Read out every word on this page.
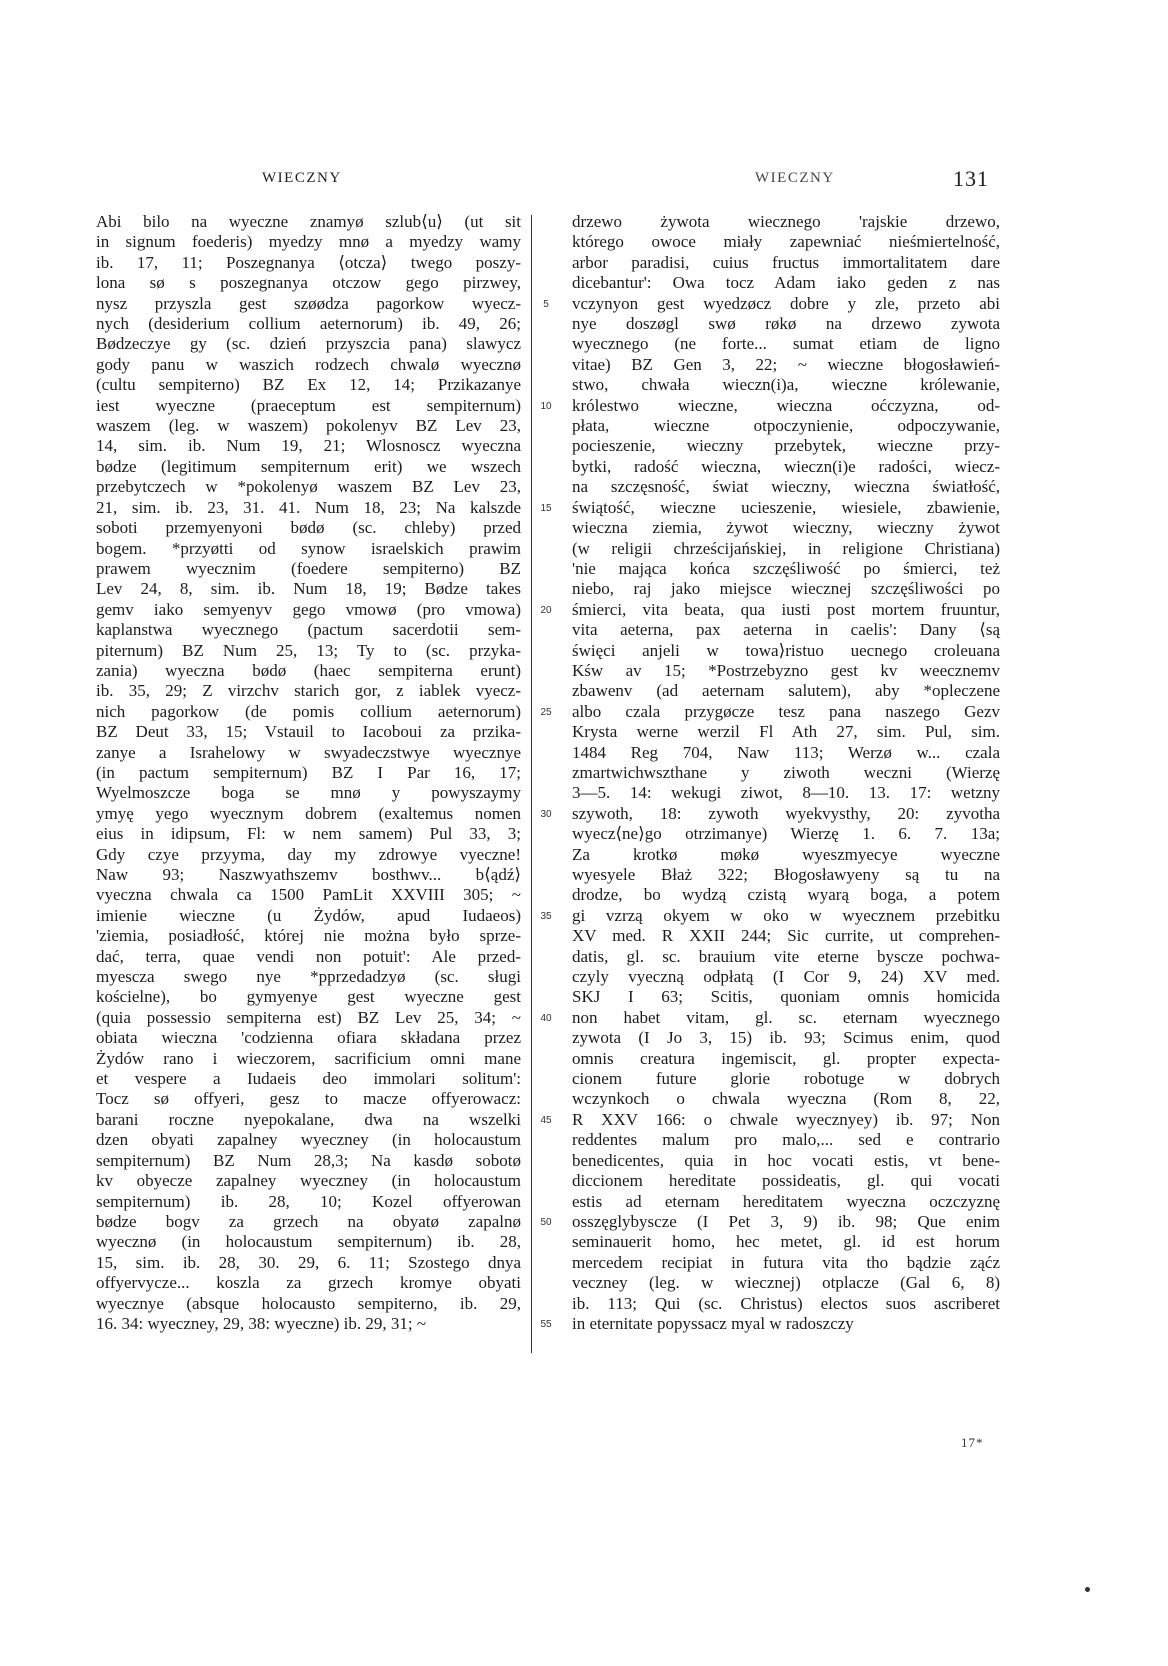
WIECZNY	WIECZNY	131
Abi bilo na wyeczne znamyø szlub⟨u⟩ (ut sit
in signum foederis) myedzy mnø a myedzy wamy
ib. 17, 11; Poszegnanya ⟨otcza⟩ twego poszy-
lona sø s poszegnanya otczow gego pirzwey,
nysz przyszla gest szøødza pagorkow wyecz-
nych (desiderium collium aeternorum) ib. 49, 26;
Bødzeczye gy (sc. dzień przyszcia pana) slawycz
gody panu w waszich rodzech chwalø wyecznø
(cultu sempiterno) BZ Ex 12, 14; Przikazanye
iest wyeczne (praeceptum est sempiternum)
waszem (leg. w waszem) pokolenyv BZ Lev 23,
14, sim. ib. Num 19, 21; Wlosnoscz wyeczna
bødze (legitimum sempiternum erit) we wszech
przebytczech w *pokolenyø waszem BZ Lev 23,
21, sim. ib. 23, 31. 41. Num 18, 23; Na kalszde
soboti przemyenyoni bødø (sc. chleby) przed
bogem. *przyøtti od synow israelskich prawim
prawem wyecznim (foedere sempiterno) BZ
Lev 24, 8, sim. ib. Num 18, 19; Bødze takes
gemv iako semyenyv gego vmowø (pro vmowa)
kaplanstwa wyecznego (pactum sacerdotii sem-
piternum) BZ Num 25, 13; Ty to (sc. przyka-
zania) wyeczna bødø (haec sempiterna erunt)
ib. 35, 29; Z virzchv starich gor, z iablek vyecz-
nich pagorkow (de pomis collium aeternorum)
BZ Deut 33, 15; Vstauil to Iacoboui za przika-
zanye a Israhelowy w swyadeczstwye wyecznye
(in pactum sempiternum) BZ I Par 16, 17;
Wyelmoszcze boga se mnø y powyszaymy
ymyę yego wyecznym dobrem (exaltemus nomen
eius in idipsum, Fl: w nem samem) Pul 33, 3;
Gdy czye przyyma, day my zdrowye vyeczne!
Naw 93; Naszwyathszemv bosthwv... b⟨ądź⟩
vyeczna chwala ca 1500 PamLit XXVIII 305; ~
imienie wieczne (u Żydów, apud Iudaeos)
'ziemia, posiadłość, której nie można było sprze-
dać, terra, quae vendi non potuit': Ale przed-
myescza swego nye *pprzedadzyø (sc. sługi
kościelne), bo gymyenye gest wyeczne gest
(quia possessio sempiterna est) BZ Lev 25, 34; ~
obiata wieczna 'codzienna ofiara składana przez
Żydów rano i wieczorem, sacrificium omni mane
et vespere a Iudaeis deo immolari solitum':
Tocz sø offyeri, gesz to macze offyerowacz:
barani roczne nyepokalane, dwa na wszelki
dzen obyati zapalney wyeczney (in holocaustum
sempiternum) BZ Num 28,3; Na kasdø sobotø
kv obyecze zapalney wyeczney (in holocaustum
sempiternum) ib. 28, 10; Kozel offyerowan
bødze bogv za grzech na obyatø zapalnø
wyecznø (in holocaustum sempiternum) ib. 28,
15, sim. ib. 28, 30. 29, 6. 11; Szostego dnya
offyervycze... koszla za grzech kromye obyati
wyecznye (absque holocausto sempiterno, ib. 29,
16. 34: wyeczney, 29, 38: wyeczne) ib. 29, 31; ~
5
10
15
20
25
30
35
40
45
50
55
drzewo żywota wiecznego 'rajskie drzewo,
którego owoce miały zapewniać nieśmiertelność,
arbor paradisi, cuius fructus immortalitatem dare
dicebantur': Owa tocz Adam iako geden z nas
vczynyon gest wyedzøcz dobre y zle, przeto abi
nye doszøgl swø røkø na drzewo zywota
wyecznego (ne forte... sumat etiam de ligno
vitae) BZ Gen 3, 22; ~ wieczne błogosławień-
stwo, chwała wieczn(i)a, wieczne królewanie,
królestwo wieczne, wieczna oćczyzna, od-
płata, wieczne otpoczynienie, odpoczywanie,
pocieszenie, wieczny przebytek, wieczne przy-
bytki, radość wieczna, wieczn(i)e radości, wiecz-
na szczęsność, świat wieczny, wieczna światłość,
świątość, wieczne ucieszenie, wiesiele, zbawienie,
wieczna ziemia, żywot wieczny, wieczny żywot
(w religii chrześcijańskiej, in religione Christiana)
'nie mająca końca szczęśliwość po śmierci, też
niebo, raj jako miejsce wiecznej szczęśliwości po
śmierci, vita beata, qua iusti post mortem fruuntur,
vita aeterna, pax aeterna in caelis': Dany ⟨są
święci anjeli w towa⟩ristuo uecnego croleuana
Kśw av 15; *Postrzebyzno gest kv weecznemv
zbawenv (ad aeternam salutem), aby *opleczene
albo czala przygøcze tesz pana naszego Gezv
Krysta werne werzil Fl Ath 27, sim. Pul, sim.
1484 Reg 704, Naw 113; Werzø w... czala
zmartwichwszthane y ziwoth weczni (Wierzę
3—5. 14: wekugi ziwot, 8—10. 13. 17: wetzny
szywoth, 18: zywoth wyekvysthy, 20: zyvotha
wyecz⟨ne⟩go otrzimanye) Wierzę 1. 6. 7. 13a;
Za krotkø møkø wyeszmyecye wyeczne
wyesyele Błaż 322; Błogosławyeny są tu na
drodze, bo wydzą czistą wyarą boga, a potem
gi vzrzą okyem w oko w wyecznem przebitku
XV med. R XXII 244; Sic currite, ut comprehen-
datis, gl. sc. brauium vite eterne bysczе pochwa-
czyly vyeczną odpłatą (I Cor 9, 24) XV med.
SKJ I 63; Scitis, quoniam omnis homicida
non habet vitam, gl. sc. eternam wyecznego
zywota (I Jo 3, 15) ib. 93; Scimus enim, quod
omnis creatura ingemiscit, gl. propter expecta-
cionem future glorie robotuge w dobrych
wczynkoch o chwala wyeczna (Rom 8, 22,
R XXV 166: o chwale wyecznyey) ib. 97; Non
reddentes malum pro malo,... sed e contrario
benedicentes, quia in hoc vocati estis, vt bene-
diccionem hereditate possideatis, gl. qui vocati
estis ad eternam hereditatem wyeczna oczczyznę
osszęglybyscze (I Pet 3, 9) ib. 98; Que enim
seminauerit homo, hec metet, gl. id est horum
mercedem recipiat in futura vita tho bądzie ząćz
veczney (leg. w wiecznej) otplacze (Gal 6, 8)
ib. 113; Qui (sc. Christus) electos suos ascriberet
in eternitate popyssacz myal w radoszczy
17*
